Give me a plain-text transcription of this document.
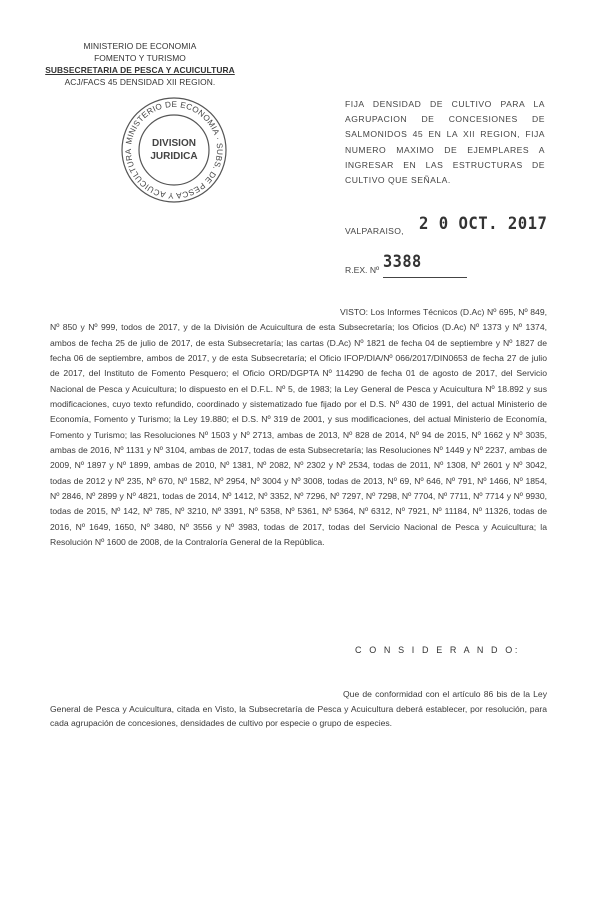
MINISTERIO DE ECONOMIA
FOMENTO Y TURISMO
SUBSECRETARIA DE PESCA Y ACUICULTURA
ACJ/FACS 45 DENSIDAD XII REGION.
MINISTERIO DE ECONOMIA · SUBS. DE PESCA Y ACUICULTURA
DIVISION
JURIDICA
FIJA DENSIDAD DE CULTIVO PARA LA AGRUPACION DE CONCESIONES DE SALMONIDOS 45 EN LA XII REGION, FIJA NUMERO MAXIMO DE EJEMPLARES A INGRESAR EN LAS ESTRUCTURAS DE CULTIVO QUE SEÑALA.
VALPARAISO, 2 0 OCT. 2017
R.EX. Nº 3388
VISTO: Los Informes Técnicos (D.Ac) Nº 695, Nº 849, Nº 850 y Nº 999, todos de 2017, y de la División de Acuicultura de esta Subsecretaría; los Oficios (D.Ac) Nº 1373 y Nº 1374, ambos de fecha 25 de julio de 2017, de esta Subsecretaría; las cartas (D.Ac) Nº 1821 de fecha 04 de septiembre y Nº 1827 de fecha 06 de septiembre, ambos de 2017, y de esta Subsecretaría; el Oficio IFOP/DIA/Nº 066/2017/DIN0653 de fecha 27 de julio de 2017, del Instituto de Fomento Pesquero; el Oficio ORD/DGPTA Nº 114290 de fecha 01 de agosto de 2017, del Servicio Nacional de Pesca y Acuicultura; lo dispuesto en el D.F.L. Nº 5, de 1983; la Ley General de Pesca y Acuicultura Nº 18.892 y sus modificaciones, cuyo texto refundido, coordinado y sistematizado fue fijado por el D.S. Nº 430 de 1991, del actual Ministerio de Economía, Fomento y Turismo; la Ley 19.880; el D.S. Nº 319 de 2001, y sus modificaciones, del actual Ministerio de Economía, Fomento y Turismo; las Resoluciones Nº 1503 y Nº 2713, ambas de 2013, Nº 828 de 2014, Nº 94 de 2015, Nº 1662 y Nº 3035, ambas de 2016, Nº 1131 y Nº 3104, ambas de 2017, todas de esta Subsecretaría; las Resoluciones Nº 1449 y Nº 2237, ambas de 2009, Nº 1897 y Nº 1899, ambas de 2010, Nº 1381, Nº 2082, Nº 2302 y Nº 2534, todas de 2011, Nº 1308, Nº 2601 y Nº 3042, todas de 2012 y Nº 235, Nº 670, Nº 1582, Nº 2954, Nº 3004 y Nº 3008, todas de 2013, Nº 69, Nº 646, Nº 791, Nº 1466, Nº 1854, Nº 2846, Nº 2899 y Nº 4821, todas de 2014, Nº 1412, Nº 3352, Nº 7296, Nº 7297, Nº 7298, Nº 7704, Nº 7711, Nº 7714 y Nº 9930, todas de 2015, Nº 142, Nº 785, Nº 3210, Nº 3391, Nº 5358, Nº 5361, Nº 5364, Nº 6312, Nº 7921, Nº 11184, Nº 11326, todas de 2016, Nº 1649, 1650, Nº 3480, Nº 3556 y Nº 3983, todas de 2017, todas del Servicio Nacional de Pesca y Acuicultura; la Resolución Nº 1600 de 2008, de la Contraloría General de la República.
C O N S I D E R A N D O:
Que de conformidad con el artículo 86 bis de la Ley General de Pesca y Acuicultura, citada en Visto, la Subsecretaría de Pesca y Acuicultura deberá establecer, por resolución, para cada agrupación de concesiones, densidades de cultivo por especie o grupo de especies.
